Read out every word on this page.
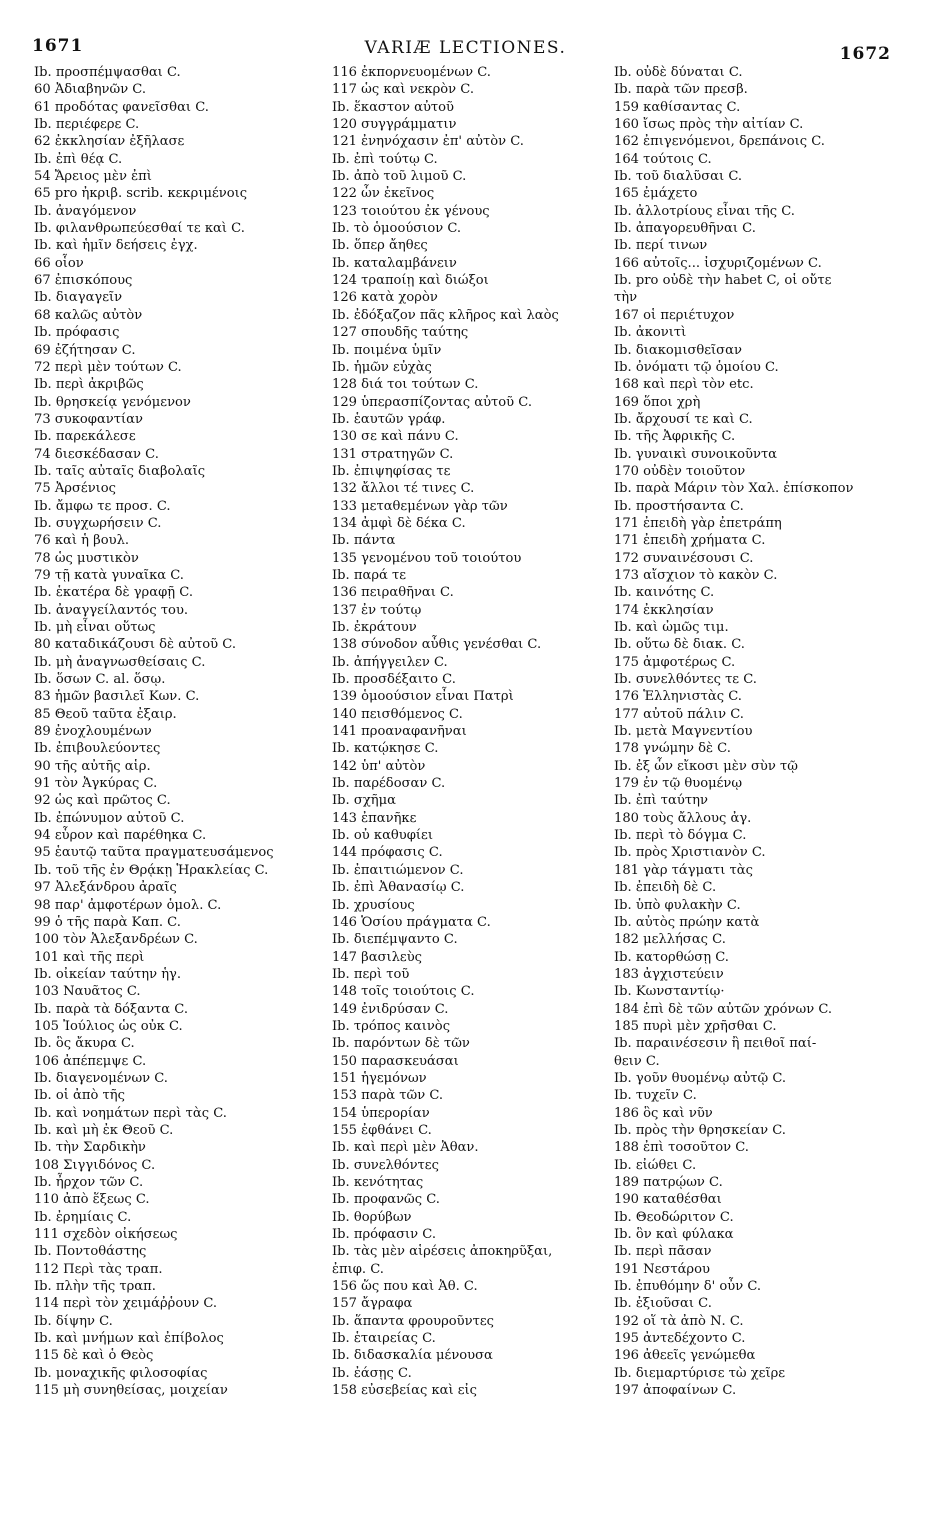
1671	VARIÆ LECTIONES.	1672
Ib. προσπέμψασθαι C.
60 Ἀδιαβηνῶν C.
61 προδότας φανεῖσθαι C.
Ib. περιέφερε C.
62 ἐκκλησίαν ἐξῆλασε
Ib. ἐπὶ θέᾳ C.
54 Ἄρειος μὲν ἐπὶ
65 pro ἠκριβ. scrib. κεκριμένοις
Ib. ἀναγόμενον
Ib. φιλανθρωπεύεσθαί τε καὶ C.
Ib. καὶ ἡμῖν δεήσεις ἐγχ.
66 οἷον
67 ἐπισκόπους
Ib. διαγαγεῖν
68 καλῶς αὐτὸν
Ib. πρόφασις
69 ἐζήτησαν C.
72 περὶ μὲν τούτων C.
Ib. περὶ ἀκριβῶς
Ib. θρησκείᾳ γενόμενον
73 συκοφαντίαν
Ib. παρεκάλεσε
74 διεσκέδασαν C.
Ib. ταῖς αὐταῖς διαβολαῖς
75 Ἀρσένιος
Ib. ἄμφω τε προσ. C.
Ib. συγχωρήσειν C.
76 καὶ ἡ βουλ.
78 ὡς μυστικὸν
79 τῇ κατὰ γυναῖκα C.
Ib. ἑκατέρα δὲ γραφῇ C.
Ib. ἀναγγείλαντός του.
Ib. μὴ εἶναι οὕτως
80 καταδικάζουσι δὲ αὐτοῦ C.
Ib. μὴ ἀναγνωσθείσαις C.
Ib. ὅσων C. al. ὅσῳ.
83 ἡμῶν βασιλεῖ Κων. C.
85 Θεοῦ ταῦτα ἐξαιρ.
89 ἐνοχλουμένων
Ib. ἐπιβουλεύοντες
90 τῆς αὐτῆς αἱρ.
91 τὸν Ἀγκύρας C.
92 ὡς καὶ πρῶτος C.
Ib. ἐπώνυμον αὐτοῦ C.
94 εὗρον καὶ παρέθηκα C.
95 ἑαυτῷ ταῦτα πραγματευσάμενος
Ib. τοῦ τῆς ἐν Θρᾴκῃ Ἡρακλείας C.
97 Ἀλεξάνδρου ἀραῖς
98 παρ' ἀμφοτέρων ὁμολ. C.
99 ὁ τῆς παρὰ Καπ. C.
100 τὸν Ἀλεξανδρέων C.
101 καὶ τῆς περὶ
Ib. οἰκείαν ταύτην ἡγ.
103 Ναυᾶτος C.
Ib. παρὰ τὰ δόξαντα C.
105 Ἰούλιος ὡς οὐκ C.
Ib. ὃς ἄκυρα C.
106 ἀπέπεμψε C.
Ib. διαγενομένων C.
Ib. οἱ ἀπὸ τῆς
Ib. καὶ νοημάτων περὶ τὰς C.
Ib. καὶ μὴ ἐκ Θεοῦ C.
Ib. τὴν Σαρδικὴν
108 Σιγγιδόνος C.
Ib. ἦρχον τῶν C.
110 ἀπὸ ἕξεως C.
Ib. ἐρημίαις C.
111 σχεδὸν οἰκήσεως
Ib. Ποντοθάστης
112 Περὶ τὰς τραπ.
Ib. πλὴν τῆς τραπ.
114 περὶ τὸν χειμάῤῥουν C.
Ib. δίψην C.
Ib. καὶ μνήμων καὶ ἐπίβολος
115 δὲ καὶ ὁ Θεὸς
Ib. μοναχικῆς φιλοσοφίας
115 μὴ συνηθείσας, μοιχείαν
116 ἐκπορνευομένων C.
117 ὡς καὶ νεκρὸν C.
Ib. ἕκαστον αὐτοῦ
120 συγγράμματιν
121 ἐνηνόχασιν ἐπ' αὐτὸν C.
Ib. ἐπὶ τούτῳ C.
Ib. ἀπὸ τοῦ λιμοῦ C.
122 ὧν ἐκεῖνος
123 τοιούτου ἐκ γένους
Ib. τὸ ὁμοούσιον C.
Ib. ὅπερ ἄηθες
Ib. καταλαμβάνειν
124 τραποίῃ καὶ διώξοι
126 κατὰ χορὸν
Ib. ἐδόξαζον πᾶς κλῆρος καὶ λαὸς
127 σπουδῆς ταύτης
Ib. ποιμένα ὑμῖν
Ib. ἡμῶν εὐχὰς
128 διά τοι τούτων C.
129 ὑπερασπίζοντας αὐτοῦ C.
Ib. ἑαυτῶν γράφ.
130 σε καὶ πάνυ C.
131 στρατηγῶν C.
Ib. ἐπιψηφίσας τε
132 ἄλλοι τέ τινες C.
133 μεταθεμένων γὰρ τῶν
134 ἀμφὶ δὲ δέκα C.
Ib. πάντα
135 γενομένου τοῦ τοιούτου
Ib. παρά τε
136 πειραθῆναι C.
137 ἐν τούτῳ
Ib. ἐκράτουν
138 σύνοδον αὖθις γενέσθαι C.
Ib. ἀπήγγειλεν C.
Ib. προσδέξαιτο C.
139 ὁμοούσιον εἶναι Πατρὶ
140 πεισθόμενος C.
141 προαναφανῆναι
Ib. κατῴκησε C.
142 ὑπ' αὐτὸν
Ib. παρέδοσαν C.
Ib. σχῆμα
143 ἐπανῆκε
Ib. οὐ καθυφίει
144 πρόφασις C.
Ib. ἐπαιτιώμενον C.
Ib. ἐπὶ Ἀθανασίῳ C.
Ib. χρυσίους
146 Ὁσίου πράγματα C.
Ib. διεπέμψαντο C.
147 βασιλεὺς
Ib. περὶ τοῦ
148 τοῖς τοιούτοις C.
149 ἐνιδρύσαν C.
Ib. τρόπος καινὸς
Ib. παρόντων δὲ τῶν
150 παρασκευάσαι
151 ἡγεμόνων
153 παρὰ τῶν C.
154 ὑπερορίαν
155 ἐφθάνει C.
Ib. καὶ περὶ μὲν Ἀθαν.
Ib. συνελθόντες
Ib. κενότητας
Ib. προφανῶς C.
Ib. θορύβων
Ib. πρόφασιν C.
Ib. τὰς μὲν αἱρέσεις ἀποκηρῦξαι,
ἐπιφ. C.
156 ὥς που καὶ Ἀθ. C.
157 ἄγραφα
Ib. ἅπαντα φρουροῦντες
Ib. ἑταιρείας C.
Ib. διδασκαλία μένουσα
Ib. ἐάσῃς C.
158 εὐσεβείας καὶ εἰς
Ib. οὐδὲ δύναται C.
Ib. παρὰ τῶν πρεσβ.
159 καθίσαντας C.
160 ἴσως πρὸς τὴν αἰτίαν C.
162 ἐπιγενόμενοι, δρεπάνοις C.
164 τούτοις C.
Ib. τοῦ διαλῦσαι C.
165 ἐμάχετο
Ib. ἀλλοτρίους εἶναι τῆς C.
Ib. ἀπαγορευθῆναι C.
Ib. περί τινων
166 αὐτοῖς... ἰσχυριζομένων C.
Ib. pro οὐδὲ τὴν habet C, οἱ οὔτε
τὴν
167 οἱ περιέτυχον
Ib. ἀκονιτὶ
Ib. διακομισθεῖσαν
Ib. ὀνόματι τῷ ὁμοίου C.
168 καὶ περὶ τὸν etc.
169 ὅποι χρὴ
Ib. ἄρχουσί τε καὶ C.
Ib. τῆς Ἀφρικῆς C.
Ib. γυναικὶ συνοικοῦντα
170 οὐδὲν τοιοῦτον
Ib. παρὰ Μάριν τὸν Χαλ. ἐπίσκοπον
Ib. προστήσαντα C.
171 ἐπειδὴ γὰρ ἐπετράπη
171 ἐπειδὴ χρήματα C.
172 συναινέσουσι C.
173 αἴσχιον τὸ κακὸν C.
Ib. καινότης C.
174 ἐκκλησίαν
Ib. καὶ ὠμῶς τιμ.
Ib. οὕτω δὲ διακ. C.
175 ἀμφοτέρως C.
Ib. συνελθόντες τε C.
176 Ἑλληνιστὰς C.
177 αὐτοῦ πάλιν C.
Ib. μετὰ Μαγνεντίου
178 γνώμην δὲ C.
Ib. ἐξ ὧν εἴκοσι μὲν σὺν τῷ
179 ἐν τῷ θυομένῳ
Ib. ἐπὶ ταύτην
180 τοὺς ἄλλους ἀγ.
Ib. περὶ τὸ δόγμα C.
Ib. πρὸς Χριστιανὸν C.
181 γὰρ τάγματι τὰς
Ib. ἐπειδὴ δὲ C.
Ib. ὑπὸ φυλακὴν C.
Ib. αὐτὸς πρώην κατὰ
182 μελλήσας C.
Ib. κατορθώσῃ C.
183 ἀγχιστεύειν
Ib. Κωνσταντίῳ·
184 ἐπὶ δὲ τῶν αὐτῶν χρόνων C.
185 πυρὶ μὲν χρῆσθαι C.
Ib. παραινέσεσιν ἢ πειθοῖ παί-
θειν C.
Ib. γοῦν θυομένῳ αὐτῷ C.
Ib. τυχεῖν C.
186 ὃς καὶ νῦν
Ib. πρὸς τὴν θρησκείαν C.
188 ἐπὶ τοσοῦτον C.
Ib. εἰώθει C.
189 πατρῴων C.
190 καταθέσθαι
Ib. Θεοδώριτον C.
Ib. ὃν καὶ φύλακα
Ib. περὶ πᾶσαν
191 Νεστάρου
Ib. ἐπυθόμην δ' οὖν C.
Ib. ἐξιοῦσαι C.
192 οἵ τὰ ἀπὸ Ν. C.
195 ἀντεδέχοντο C.
196 ἀθεεῖς γενώμεθα
Ib. διεμαρτύρισε τὼ χεῖρε
197 ἀποφαίνων C.
